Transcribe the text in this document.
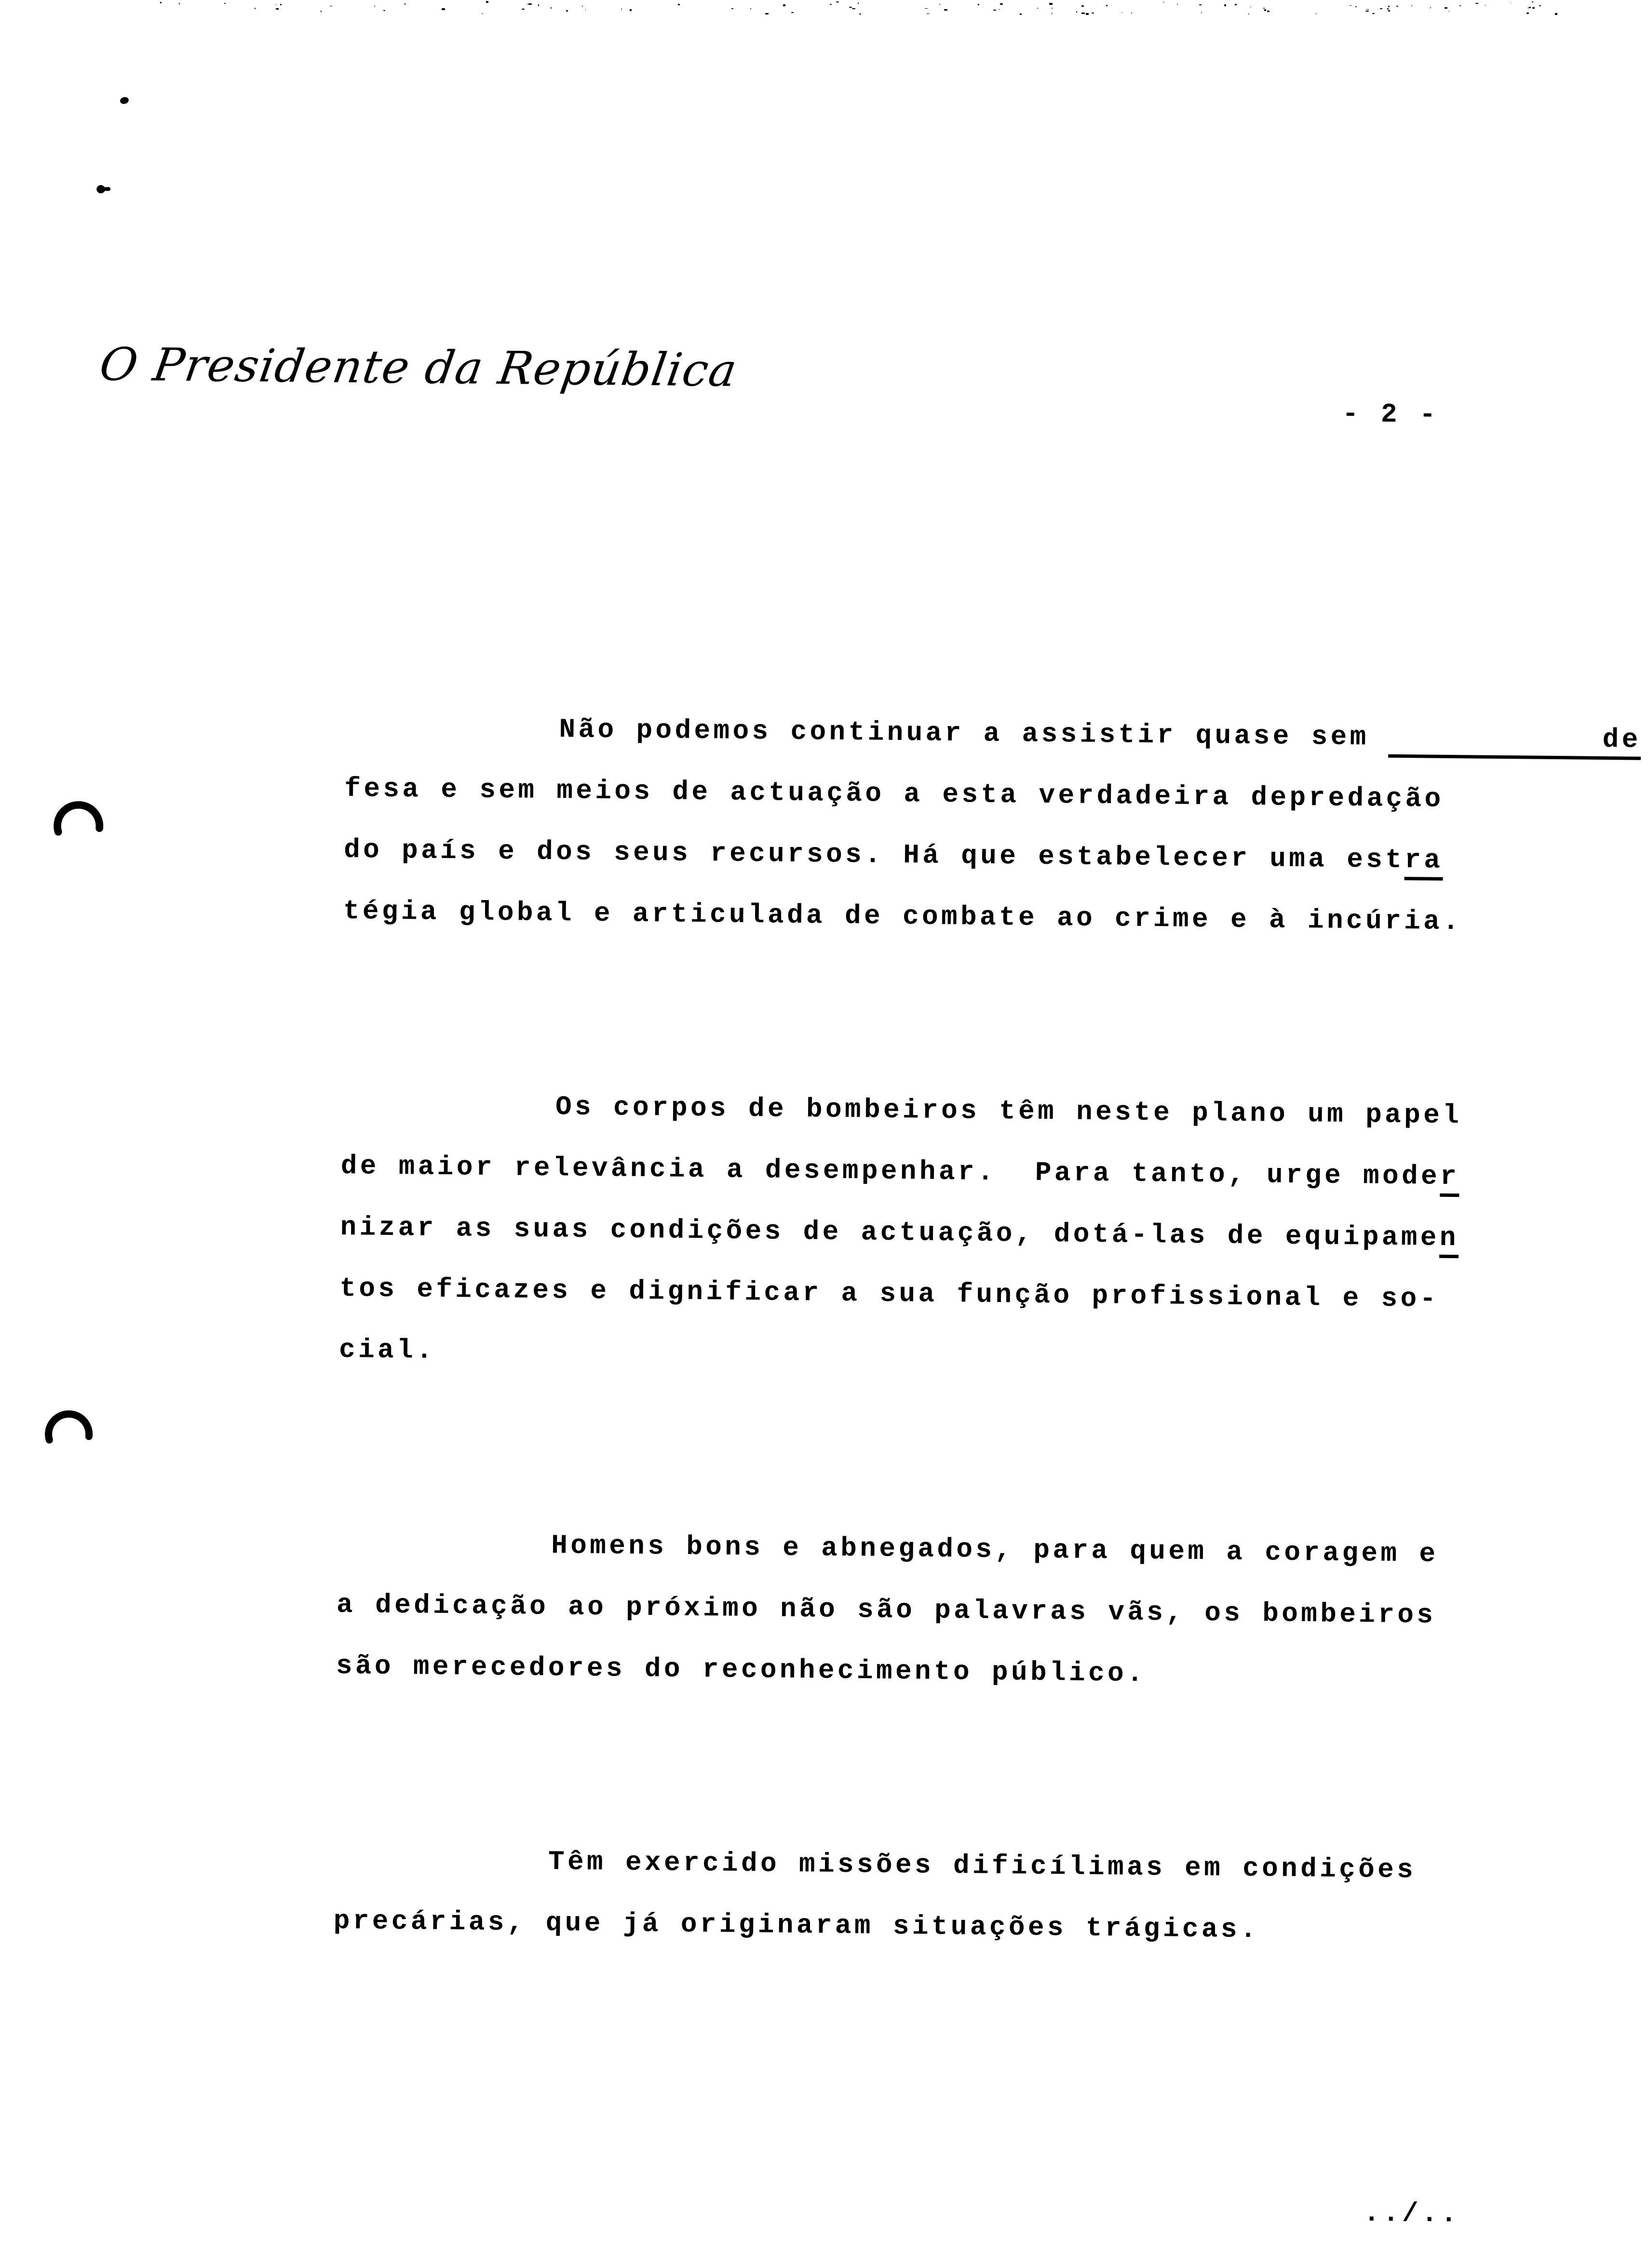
O Presidente da República
- 2 -
Não podemos continuar a assistir quase sem	de
fesa e sem meios de actuação a esta verdadeira depredação
do país e dos seus recursos. Há que estabelecer uma estra
tégia global e articulada de combate ao crime e à incúria.
Os corpos de bombeiros têm neste plano um papel
de maior relevância a desempenhar.  Para tanto, urge moder
nizar as suas condições de actuação, dotá-las de equipamen
tos eficazes e dignificar a sua função profissional e so-
cial.
Homens bons e abnegados, para quem a coragem e
a dedicação ao próximo não são palavras vãs, os bombeiros
são merecedores do reconhecimento público.
Têm exercido missões dificílimas em condições
precárias, que já originaram situações trágicas.
../..
